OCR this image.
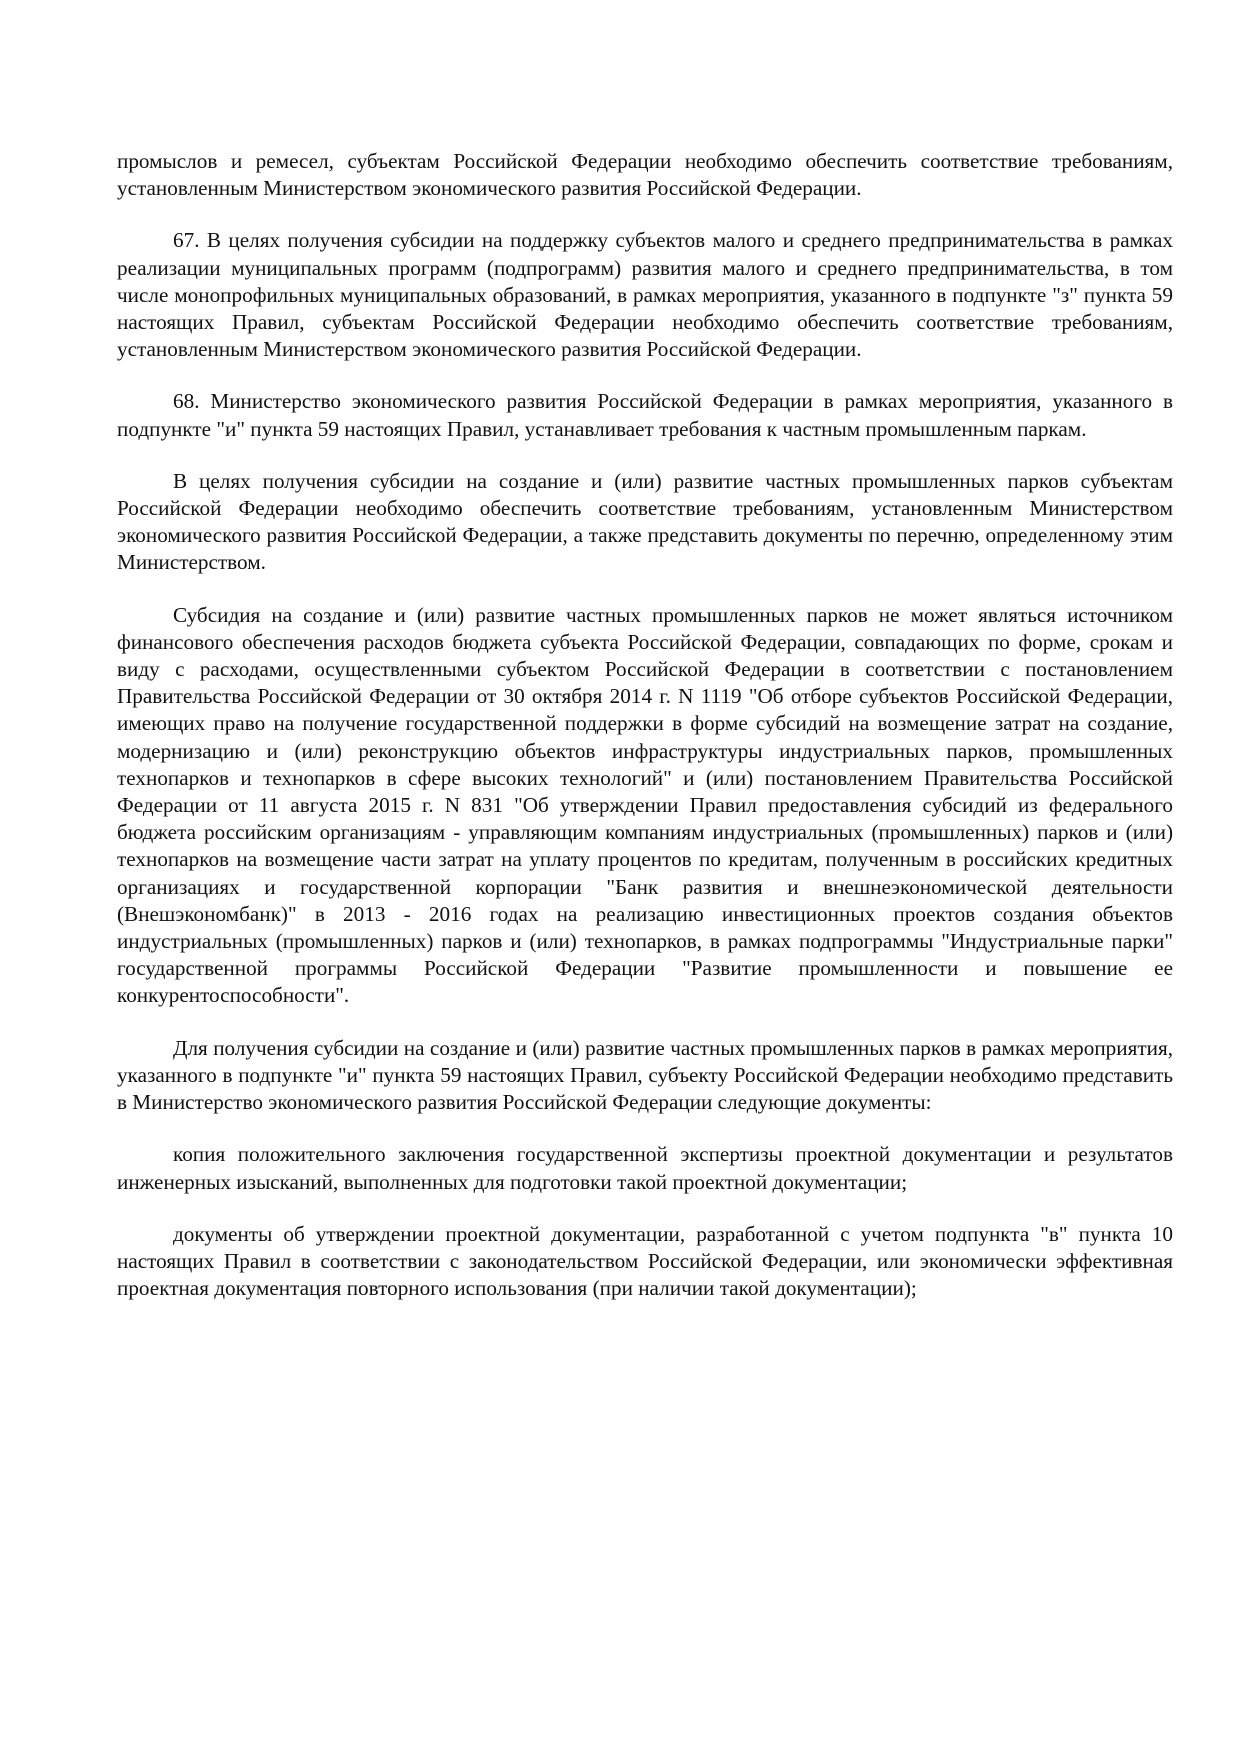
промыслов и ремесел, субъектам Российской Федерации необходимо обеспечить соответствие требованиям, установленным Министерством экономического развития Российской Федерации.

67. В целях получения субсидии на поддержку субъектов малого и среднего предпринимательства в рамках реализации муниципальных программ (подпрограмм) развития малого и среднего предпринимательства, в том числе монопрофильных муниципальных образований, в рамках мероприятия, указанного в подпункте "з" пункта 59 настоящих Правил, субъектам Российской Федерации необходимо обеспечить соответствие требованиям, установленным Министерством экономического развития Российской Федерации.

68. Министерство экономического развития Российской Федерации в рамках мероприятия, указанного в подпункте "и" пункта 59 настоящих Правил, устанавливает требования к частным промышленным паркам.

В целях получения субсидии на создание и (или) развитие частных промышленных парков субъектам Российской Федерации необходимо обеспечить соответствие требованиям, установленным Министерством экономического развития Российской Федерации, а также представить документы по перечню, определенному этим Министерством.

Субсидия на создание и (или) развитие частных промышленных парков не может являться источником финансового обеспечения расходов бюджета субъекта Российской Федерации, совпадающих по форме, срокам и виду с расходами, осуществленными субъектом Российской Федерации в соответствии с постановлением Правительства Российской Федерации от 30 октября 2014 г. N 1119 "Об отборе субъектов Российской Федерации, имеющих право на получение государственной поддержки в форме субсидий на возмещение затрат на создание, модернизацию и (или) реконструкцию объектов инфраструктуры индустриальных парков, промышленных технопарков и технопарков в сфере высоких технологий" и (или) постановлением Правительства Российской Федерации от 11 августа 2015 г. N 831 "Об утверждении Правил предоставления субсидий из федерального бюджета российским организациям - управляющим компаниям индустриальных (промышленных) парков и (или) технопарков на возмещение части затрат на уплату процентов по кредитам, полученным в российских кредитных организациях и государственной корпорации "Банк развития и внешнеэкономической деятельности (Внешэкономбанк)" в 2013 - 2016 годах на реализацию инвестиционных проектов создания объектов индустриальных (промышленных) парков и (или) технопарков, в рамках подпрограммы "Индустриальные парки" государственной программы Российской Федерации "Развитие промышленности и повышение ее конкурентоспособности".

Для получения субсидии на создание и (или) развитие частных промышленных парков в рамках мероприятия, указанного в подпункте "и" пункта 59 настоящих Правил, субъекту Российской Федерации необходимо представить в Министерство экономического развития Российской Федерации следующие документы:

копия положительного заключения государственной экспертизы проектной документации и результатов инженерных изысканий, выполненных для подготовки такой проектной документации;

документы об утверждении проектной документации, разработанной с учетом подпункта "в" пункта 10 настоящих Правил в соответствии с законодательством Российской Федерации, или экономически эффективная проектная документация повторного использования (при наличии такой документации);
